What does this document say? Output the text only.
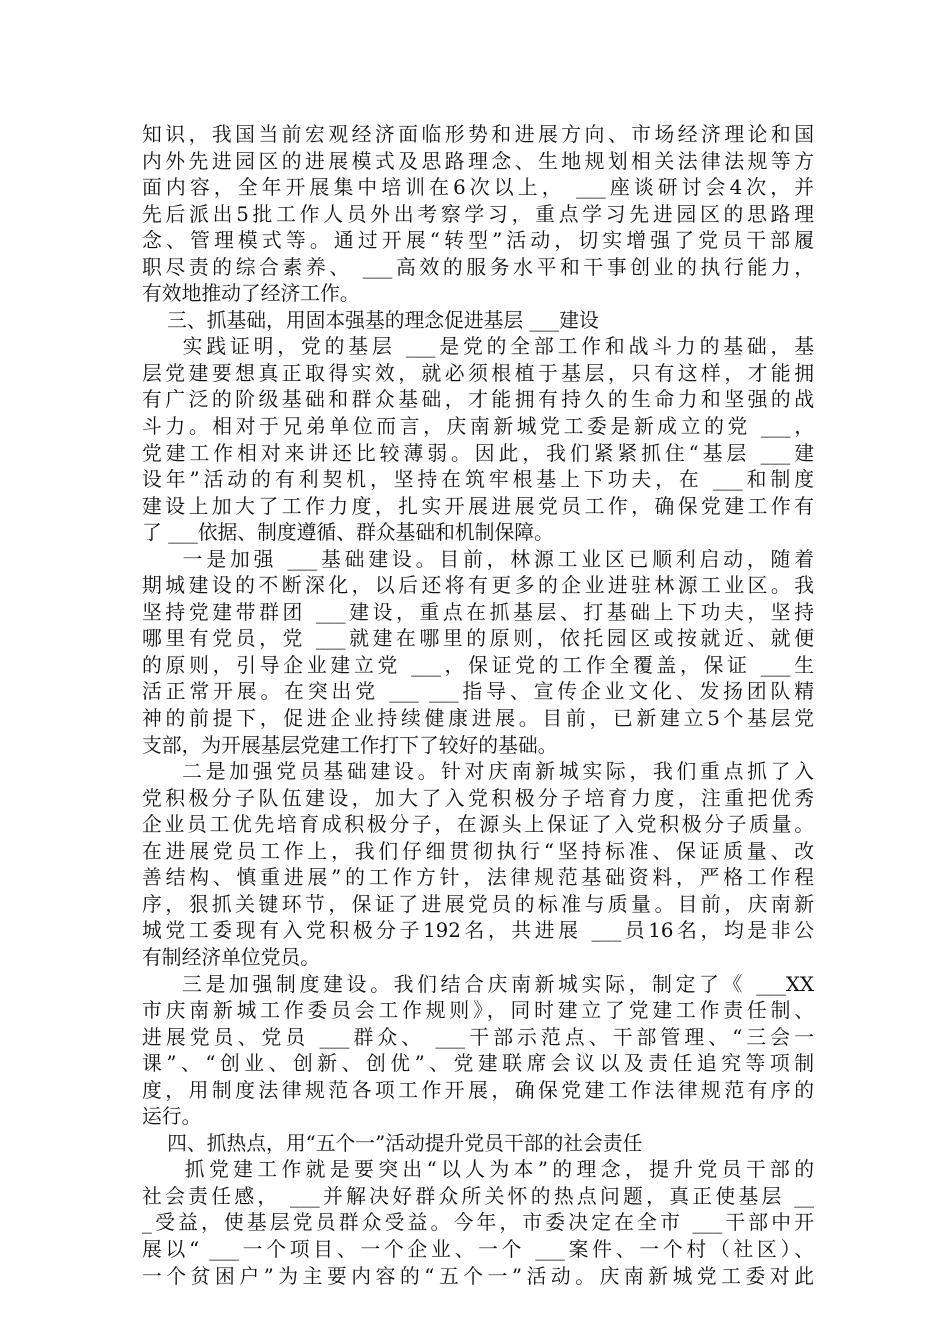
知识，我国当前宏观经济面临形势和进展方向、市场经济理论和国
内外先进园区的进展模式及思路理念、生地规划相关法律法规等方
面内容，全年开展集中培训在6次以上， ___座谈研讨会4次，并
先后派出5批工作人员外出考察学习，重点学习先进园区的思路理
念、管理模式等。通过开展“转型”活动，切实增强了党员干部履
职尽责的综合素养、 ___高效的服务水平和干事创业的执行能力，
有效地推动了经济工作。
三、抓基础，用固本强基的理念促进基层 ___建设
实践证明，党的基层 ___是党的全部工作和战斗力的基础，基
层党建要想真正取得实效，就必须根植于基层，只有这样，才能拥
有广泛的阶级基础和群众基础，才能拥有持久的生命力和坚强的战
斗力。相对于兄弟单位而言，庆南新城党工委是新成立的党 ___，
党建工作相对来讲还比较薄弱。因此，我们紧紧抓住“基层 ___建
设年”活动的有利契机，坚持在筑牢根基上下功夫，在 ___和制度
建设上加大了工作力度，扎实开展进展党员工作，确保党建工作有
了 ___依据、制度遵循、群众基础和机制保障。
一是加强 ___基础建设。目前，林源工业区已顺利启动，随着
期城建设的不断深化，以后还将有更多的企业进驻林源工业区。我
坚持党建带群团 ___建设，重点在抓基层、打基础上下功夫，坚持
哪里有党员，党 ___就建在哪里的原则，依托园区或按就近、就便
的原则，引导企业建立党 ___，保证党的工作全覆盖，保证 ___生
活正常开展。在突出党 ___ ___指导、宣传企业文化、发扬团队精
神的前提下，促进企业持续健康进展。目前，已新建立5个基层党
支部，为开展基层党建工作打下了较好的基础。
二是加强党员基础建设。针对庆南新城实际，我们重点抓了入
党积极分子队伍建设，加大了入党积极分子培育力度，注重把优秀
企业员工优先培育成积极分子，在源头上保证了入党积极分子质量。
在进展党员工作上，我们仔细贯彻执行“坚持标准、保证质量、改
善结构、慎重进展”的工作方针，法律规范基础资料，严格工作程
序，狠抓关键环节，保证了进展党员的标准与质量。目前，庆南新
城党工委现有入党积极分子192名，共进展 ___员16名，均是非公
有制经济单位党员。
三是加强制度建设。我们结合庆南新城实际，制定了《 ___XX
市庆南新城工作委员会工作规则》，同时建立了党建工作责任制、
进展党员、党员 ___群众、 ___干部示范点、干部管理、“三会一
课”、“创业、创新、创优”、党建联席会议以及责任追究等项制
度，用制度法律规范各项工作开展，确保党建工作法律规范有序的
运行。
四、抓热点，用“五个一”活动提升党员干部的社会责任
抓党建工作就是要突出“以人为本”的理念，提升党员干部的
社会责任感， ___并解决好群众所关怀的热点问题，真正使基层 __
_受益，使基层党员群众受益。今年，市委决定在全市 ___干部中开
展以“ ___一个项目、一个企业、一个 ___案件、一个村（社区）、
一个贫困户”为主要内容的“五个一”活动。庆南新城党工委对此
